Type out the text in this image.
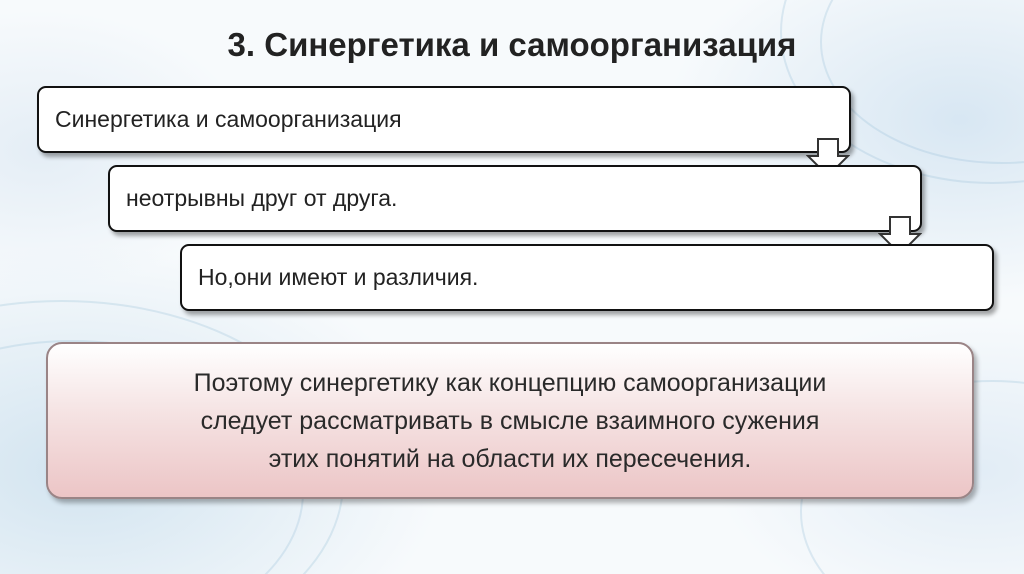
3. Синергетика и самоорганизация
Синергетика и самоорганизация
неотрывны друг от друга.
Но,они имеют и различия.
Поэтому синергетику как концепцию самоорганизации
следует рассматривать в смысле взаимного сужения
этих понятий на области их пересечения.
